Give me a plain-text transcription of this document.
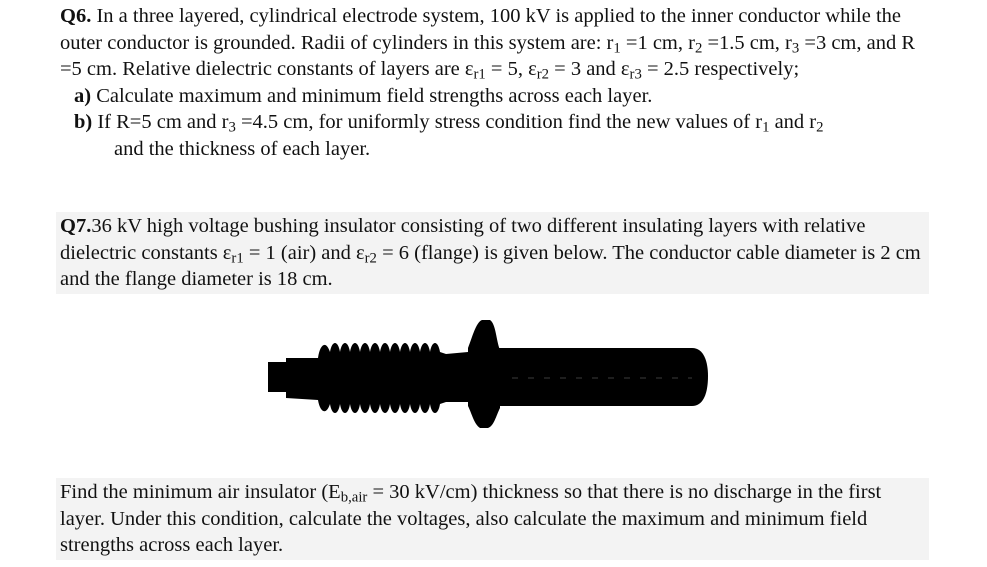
Q6. In a three layered, cylindrical electrode system, 100 kV is applied to the inner conductor while the outer conductor is grounded. Radii of cylinders in this system are: $r_1 =1$ cm, $r_2 =1.5$ cm, $r_3 =3$ cm, and R =5 cm. Relative dielectric constants of layers are $\varepsilon_{r1} = 5$, $\varepsilon_{r2} = 3$ and $\varepsilon_{r3} = 2.5$ respectively;

a) Calculate maximum and minimum field strengths across each layer.

b) If R=5 cm and $r_3 =4.5$ cm, for uniformly stress condition find the new values of $r_1$ and $r_2$
and the thickness of each layer.

Q7.36 kV high voltage bushing insulator consisting of two different insulating layers with relative dielectric constants $\varepsilon_{r1} = 1$ (air) and $\varepsilon_{r2} = 6$ (flange) is given below. The conductor cable diameter is 2 cm and the flange diameter is 18 cm.

Find the minimum air insulator ($E_{b,air} = 30$ kV/cm) thickness so that there is no discharge in the first layer. Under this condition, calculate the voltages, also calculate the maximum and minimum field strengths across each layer.
